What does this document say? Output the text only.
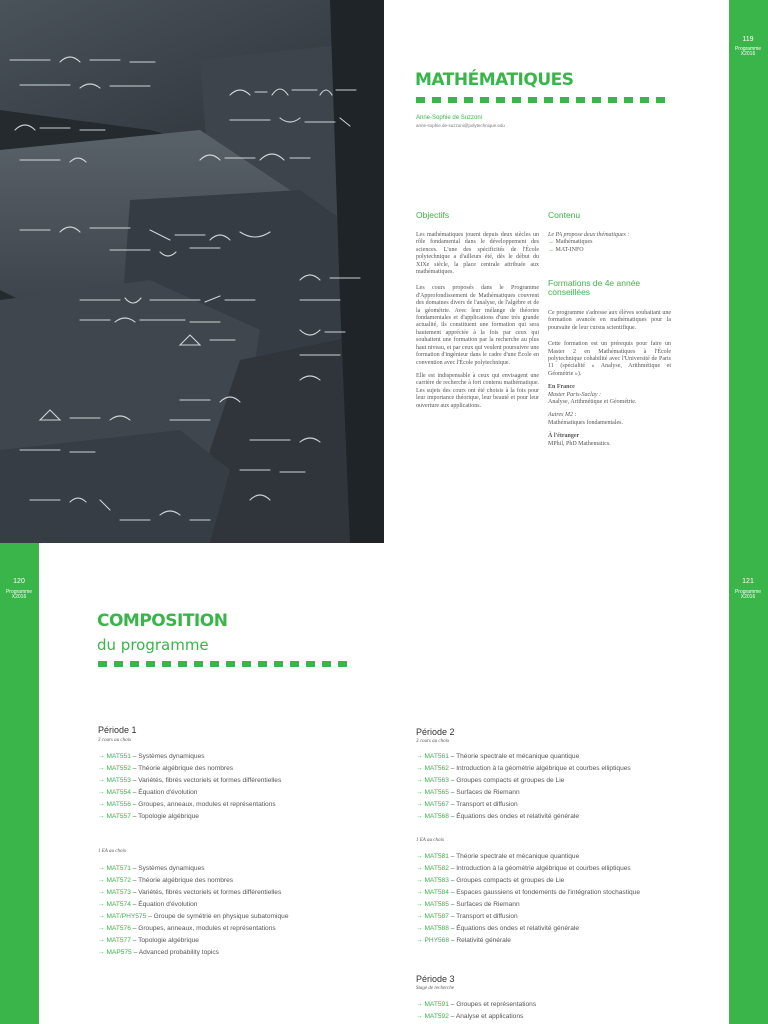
119
Programme
X2016
MATHÉMATIQUES
Anne-Sophie de Suzzoni
anne-sophie.de-suzzoni@polytechnique.edu
Objectifs

Les mathématiques jouent depuis deux siècles un rôle fondamental dans le développement des sciences. L'une des spécificités de l'École polytechnique a d'ailleurs été, dès le début du XIXe siècle, la place centrale attribuée aux mathématiques.

Les cours proposés dans le Programme d'Approfondissement de Mathématiques couvrent des domaines divers de l'analyse, de l'algèbre et de la géométrie. Avec leur mélange de théories fondamentales et d'applications d'une très grande actualité, ils constituent une formation qui sera hautement appréciée à la fois par ceux qui souhaitent une formation par la recherche au plus haut niveau, et par ceux qui veulent poursuivre une formation d'ingénieur dans le cadre d'une École en convention avec l'École polytechnique.

Elle est indispensable à ceux qui envisagent une carrière de recherche à fort contenu mathématique. Les sujets des cours ont été choisis à la fois pour leur importance théorique, leur beauté et pour leur ouverture aux applications.

Contenu
Le PA propose deux thématiques :
→ Mathématiques
→ MAT-INFO
Formations de 4e année conseillées

Ce programme s'adresse aux élèves souhaitant une formation avancée en mathématiques pour la poursuite de leur cursus scientifique.

Cette formation est un prérequis pour faire un Master 2 en Mathématiques à l'École polytechnique cohabilité avec l'Université de Paris 11 (spécialité « Analyse, Arithmétique et Géométrie »).

En France
Master Paris-Saclay :

Analyse, Arithmétique et Géométrie.

Autres M2 :

Mathématiques fondamentales.

À l'étranger
MPhil, PhD Mathematics.
120
Programme
X2016
121
Programme
X2016
COMPOSITION
du programme
Période 1
3 cours au choix
→ MAT551 – Systèmes dynamiques
→ MAT552 – Théorie algébrique des nombres
→ MAT553 – Variétés, fibrés vectoriels et formes différentielles
→ MAT554 – Équation d'évolution
→ MAT556 – Groupes, anneaux, modules et représentations
→ MAT557 – Topologie algébrique
1 EA au choix
→ MAT571 – Systèmes dynamiques
→ MAT572 – Théorie algébrique des nombres
→ MAT573 – Variétés, fibrés vectoriels et formes différentielles
→ MAT574 – Équation d'évolution
→ MAT/PHY575 – Groupe de symétrie en physique subatomique
→ MAT576 – Groupes, anneaux, modules et représentations
→ MAT577 – Topologie algébrique
→ MAP575 – Advanced probability topics
Période 2
3 cours au choix
→ MAT561 – Théorie spectrale et mécanique quantique
→ MAT562 – Introduction à la géométrie algébrique et courbes elliptiques
→ MAT563 – Groupes compacts et groupes de Lie
→ MAT565 – Surfaces de Riemann
→ MAT567 – Transport et diffusion
→ MAT568 – Équations des ondes et relativité générale
1 EA au choix
→ MAT581 – Théorie spectrale et mécanique quantique
→ MAT582 – Introduction à la géométrie algébrique et courbes elliptiques
→ MAT583 – Groupes compacts et groupes de Lie
→ MAT584 – Espaces gaussiens et fondements de l'intégration stochastique
→ MAT585 – Surfaces de Riemann
→ MAT587 – Transport et diffusion
→ MAT588 – Équations des ondes et relativité générale
→ PHY568 – Relativité générale
Période 3
Stage de recherche
→ MAT591 – Groupes et représentations
→ MAT592 – Analyse et applications
